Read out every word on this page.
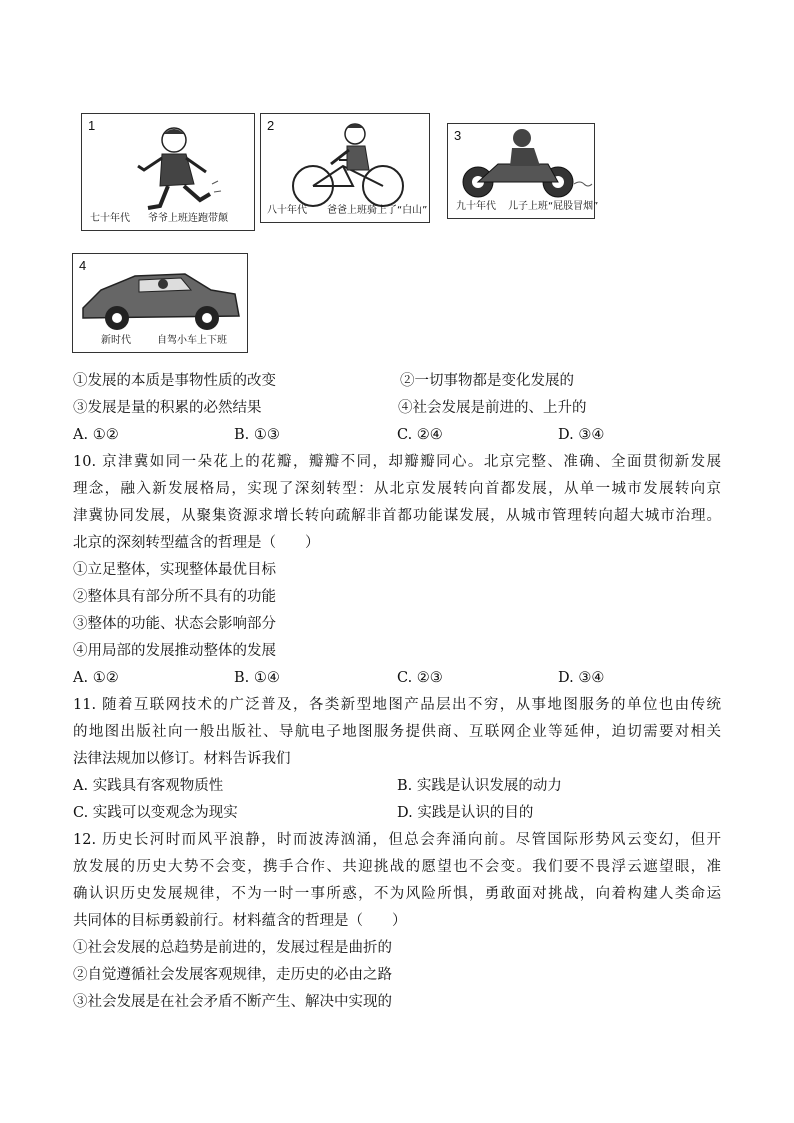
1
七十年代 爷爷上班连跑带颠
2
八十年代 爸爸上班骑上了“白山”
3
九十年代 儿子上班“屁股冒烟”
4
新时代	自驾小车上下班
①发展的本质是事物性质的改变	②一切事物都是变化发展的
③发展是量的积累的必然结果	④社会发展是前进的、上升的
A. ①②	B. ①③	C. ②④	D. ③④
10. 京津冀如同一朵花上的花瓣，瓣瓣不同，却瓣瓣同心。北京完整、准确、全面贯彻新发展
理念，融入新发展格局，实现了深刻转型：从北京发展转向首都发展，从单一城市发展转向京
津冀协同发展，从聚集资源求增长转向疏解非首都功能谋发展，从城市管理转向超大城市治理。
北京的深刻转型蕴含的哲理是（　　）
①立足整体，实现整体最优目标
②整体具有部分所不具有的功能
③整体的功能、状态会影响部分
④用局部的发展推动整体的发展
A. ①②	B. ①④	C. ②③	D. ③④
11. 随着互联网技术的广泛普及，各类新型地图产品层出不穷，从事地图服务的单位也由传统
的地图出版社向一般出版社、导航电子地图服务提供商、互联网企业等延伸，迫切需要对相关
法律法规加以修订。材料告诉我们
A. 实践具有客观物质性	B. 实践是认识发展的动力
C. 实践可以变观念为现实	D. 实践是认识的目的
12. 历史长河时而风平浪静，时而波涛汹涌，但总会奔涌向前。尽管国际形势风云变幻，但开
放发展的历史大势不会变，携手合作、共迎挑战的愿望也不会变。我们要不畏浮云遮望眼，准
确认识历史发展规律，不为一时一事所惑，不为风险所惧，勇敢面对挑战，向着构建人类命运
共同体的目标勇毅前行。材料蕴含的哲理是（　　）
①社会发展的总趋势是前进的，发展过程是曲折的
②自觉遵循社会发展客观规律，走历史的必由之路
③社会发展是在社会矛盾不断产生、解决中实现的
